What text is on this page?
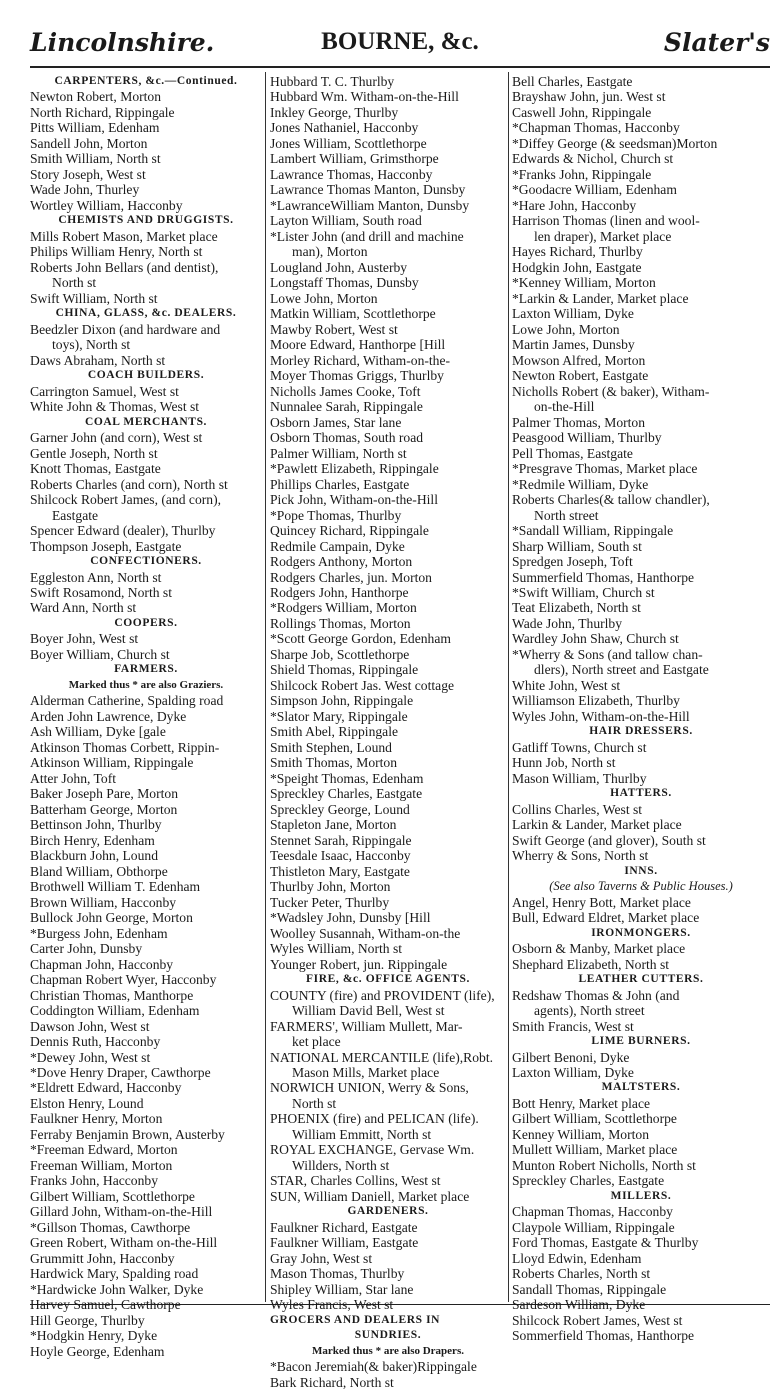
BOURNE, &c.
Lincolnshire.	Slater's
CARPENTERS, &c.—Continued.
Newton Robert, Morton
North Richard, Rippingale
Pitts William, Edenham
Sandell John, Morton
Smith William, North st
Story Joseph, West st
Wade John, Thurley
Wortley William, Hacconby
CHEMISTS AND DRUGGISTS.
Mills Robert Mason, Market place
Philips William Henry, North st
Roberts John Bellars (and dentist),
North st
Swift William, North st
CHINA, GLASS, &c. DEALERS.
Beedzler Dixon (and hardware and
toys), North st
Daws Abraham, North st
COACH BUILDERS.
Carrington Samuel, West st
White John & Thomas, West st
COAL MERCHANTS.
Garner John (and corn), West st
Gentle Joseph, North st
Knott Thomas, Eastgate
Roberts Charles (and corn), North st
Shilcock Robert James, (and corn),
Eastgate
Spencer Edward (dealer), Thurlby
Thompson Joseph, Eastgate
CONFECTIONERS.
Eggleston Ann, North st
Swift Rosamond, North st
Ward Ann, North st
COOPERS.
Boyer John, West st
Boyer William, Church st
FARMERS.
Marked thus * are also Graziers.
Alderman Catherine, Spalding road
Arden John Lawrence, Dyke
Ash William, Dyke [gale
Atkinson Thomas Corbett, Rippin-
Atkinson William, Rippingale
Atter John, Toft
Baker Joseph Pare, Morton
Batterham George, Morton
Bettinson John, Thurlby
Birch Henry, Edenham
Blackburn John, Lound
Bland William, Obthorpe
Brothwell William T. Edenham
Brown William, Hacconby
Bullock John George, Morton
*Burgess John, Edenham
Carter John, Dunsby
Chapman John, Hacconby
Chapman Robert Wyer, Hacconby
Christian Thomas, Manthorpe
Coddington William, Edenham
Dawson John, West st
Dennis Ruth, Hacconby
*Dewey John, West st
*Dove Henry Draper, Cawthorpe
*Eldrett Edward, Hacconby
Elston Henry, Lound
Faulkner Henry, Morton
Ferraby Benjamin Brown, Austerby
*Freeman Edward, Morton
Freeman William, Morton
Franks John, Hacconby
Gilbert William, Scottlethorpe
Gillard John, Witham-on-the-Hill
*Gillson Thomas, Cawthorpe
Green Robert, Witham on-the-Hill
Grummitt John, Hacconby
Hardwick Mary, Spalding road
*Hardwicke John Walker, Dyke
Harvey Samuel, Cawthorpe
Hill George, Thurlby
*Hodgkin Henry, Dyke
Hoyle George, Edenham
Hubbard T. C. Thurlby
Hubbard Wm. Witham-on-the-Hill
Inkley George, Thurlby
Jones Nathaniel, Hacconby
Jones William, Scottlethorpe
Lambert William, Grimsthorpe
Lawrance Thomas, Hacconby
Lawrance Thomas Manton, Dunsby
*LawranceWilliam Manton, Dunsby
Layton William, South road
*Lister John (and drill and machine
man), Morton
Lougland John, Austerby
Longstaff Thomas, Dunsby
Lowe John, Morton
Matkin William, Scottlethorpe
Mawby Robert, West st
Moore Edward, Hanthorpe [Hill
Morley Richard, Witham-on-the-
Moyer Thomas Griggs, Thurlby
Nicholls James Cooke, Toft
Nunnalee Sarah, Rippingale
Osborn James, Star lane
Osborn Thomas, South road
Palmer William, North st
*Pawlett Elizabeth, Rippingale
Phillips Charles, Eastgate
Pick John, Witham-on-the-Hill
*Pope Thomas, Thurlby
Quincey Richard, Rippingale
Redmile Campain, Dyke
Rodgers Anthony, Morton
Rodgers Charles, jun. Morton
Rodgers John, Hanthorpe
*Rodgers William, Morton
Rollings Thomas, Morton
*Scott George Gordon, Edenham
Sharpe Job, Scottlethorpe
Shield Thomas, Rippingale
Shilcock Robert Jas. West cottage
Simpson John, Rippingale
*Slator Mary, Rippingale
Smith Abel, Rippingale
Smith Stephen, Lound
Smith Thomas, Morton
*Speight Thomas, Edenham
Spreckley Charles, Eastgate
Spreckley George, Lound
Stapleton Jane, Morton
Stennet Sarah, Rippingale
Teesdale Isaac, Hacconby
Thistleton Mary, Eastgate
Thurlby John, Morton
Tucker Peter, Thurlby
*Wadsley John, Dunsby [Hill
Woolley Susannah, Witham-on-the
Wyles William, North st
Younger Robert, jun. Rippingale
FIRE, &c. OFFICE AGENTS.
COUNTY (fire) and PROVIDENT (life),
William David Bell, West st
FARMERS', William Mullett, Mar-
ket place
NATIONAL MERCANTILE (life),Robt.
Mason Mills, Market place
NORWICH UNION, Werry & Sons,
North st
PHOENIX (fire) and PELICAN (life).
William Emmitt, North st
ROYAL EXCHANGE, Gervase Wm.
Willders, North st
STAR, Charles Collins, West st
SUN, William Daniell, Market place
GARDENERS.
Faulkner Richard, Eastgate
Faulkner William, Eastgate
Gray John, West st
Mason Thomas, Thurlby
Shipley William, Star lane
Wyles Francis, West st
GROCERS AND DEALERS IN
SUNDRIES.
Marked thus * are also Drapers.
*Bacon Jeremiah(& baker)Rippingale
Bark Richard, North st
Bell Charles, Eastgate
Brayshaw John, jun. West st
Caswell John, Rippingale
*Chapman Thomas, Hacconby
*Diffey George (& seedsman)Morton
Edwards & Nichol, Church st
*Franks John, Rippingale
*Goodacre William, Edenham
*Hare John, Hacconby
Harrison Thomas (linen and wool-
len draper), Market place
Hayes Richard, Thurlby
Hodgkin John, Eastgate
*Kenney William, Morton
*Larkin & Lander, Market place
Laxton William, Dyke
Lowe John, Morton
Martin James, Dunsby
Mowson Alfred, Morton
Newton Robert, Eastgate
Nicholls Robert (& baker), Witham-
on-the-Hill
Palmer Thomas, Morton
Peasgood William, Thurlby
Pell Thomas, Eastgate
*Presgrave Thomas, Market place
*Redmile William, Dyke
Roberts Charles(& tallow chandler),
North street
*Sandall William, Rippingale
Sharp William, South st
Spredgen Joseph, Toft
Summerfield Thomas, Hanthorpe
*Swift William, Church st
Teat Elizabeth, North st
Wade John, Thurlby
Wardley John Shaw, Church st
*Wherry & Sons (and tallow chan-
dlers), North street and Eastgate
White John, West st
Williamson Elizabeth, Thurlby
Wyles John, Witham-on-the-Hill
HAIR DRESSERS.
Gatliff Towns, Church st
Hunn Job, North st
Mason William, Thurlby
HATTERS.
Collins Charles, West st
Larkin & Lander, Market place
Swift George (and glover), South st
Wherry & Sons, North st
INNS.
(See also Taverns & Public Houses.)
Angel, Henry Bott, Market place
Bull, Edward Eldret, Market place
IRONMONGERS.
Osborn & Manby, Market place
Shephard Elizabeth, North st
LEATHER CUTTERS.
Redshaw Thomas & John (and
agents), North street
Smith Francis, West st
LIME BURNERS.
Gilbert Benoni, Dyke
Laxton William, Dyke
MALTSTERS.
Bott Henry, Market place
Gilbert William, Scottlethorpe
Kenney William, Morton
Mullett William, Market place
Munton Robert Nicholls, North st
Spreckley Charles, Eastgate
MILLERS.
Chapman Thomas, Hacconby
Claypole William, Rippingale
Ford Thomas, Eastgate & Thurlby
Lloyd Edwin, Edenham
Roberts Charles, North st
Sandall Thomas, Rippingale
Sardeson William, Dyke
Shilcock Robert James, West st
Sommerfield Thomas, Hanthorpe
